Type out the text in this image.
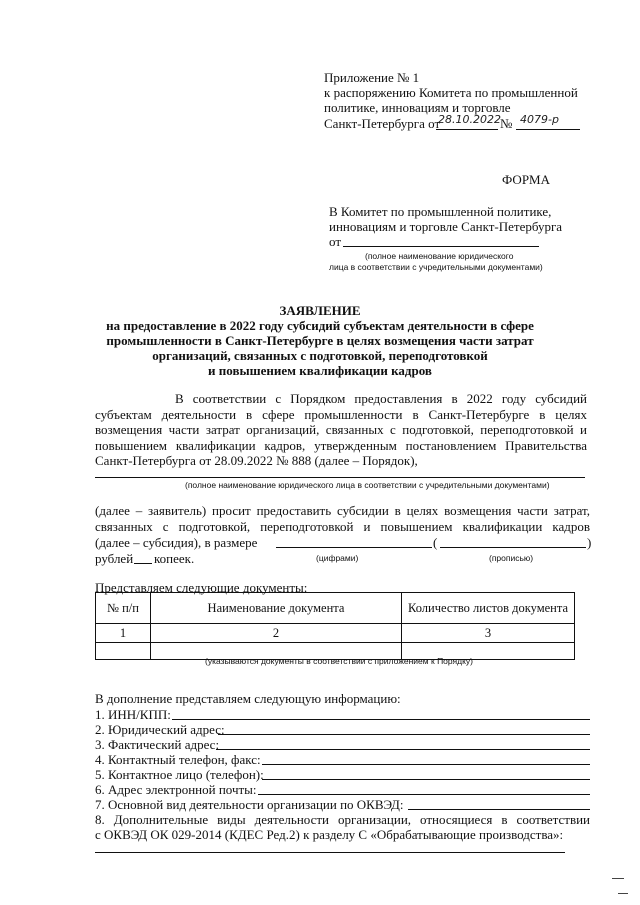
Приложение № 1
к распоряжению Комитета по промышленной
политике, инновациям и торговле
Санкт-Петербурга от
28.10.2022 № 4079-р
ФОРМА
В Комитет по промышленной политике,
инновациям и торговле Санкт-Петербурга
от
(полное наименование юридического
лица в соответствии с учредительными документами)
ЗАЯВЛЕНИЕ
на предоставление в 2022 году субсидий субъектам деятельности в сфере
промышленности в Санкт-Петербурге в целях возмещения части затрат
организаций, связанных с подготовкой, переподготовкой
и повышением квалификации кадров
В соответствии с Порядком предоставления в 2022 году субсидий субъектам деятельности в сфере промышленности в Санкт-Петербурге в целях возмещения части затрат организаций, связанных с подготовкой, переподготовкой и повышением квалификации кадров, утвержденным постановлением Правительства Санкт-Петербурга от 28.09.2022 № 888 (далее – Порядок),
(полное наименование юридического лица в соответствии с учредительными документами)
(далее – заявитель) просит предоставить субсидии в целях возмещения части затрат,
связанных с подготовкой, переподготовкой и повышением квалификации кадров
(далее – субсидия), в размере	(	)
рублей копеек.	(цифрами)	(прописью)
Представляем следующие документы:
№ п/п	Наименование документа	Количество листов документа
1	2	3

(указываются документы в соответствии с приложением к Порядку)
В дополнение представляем следующую информацию:
1. ИНН/КПП:
2. Юридический адрес:
3. Фактический адрес:
4. Контактный телефон, факс:
5. Контактное лицо (телефон):
6. Адрес электронной почты:
7. Основной вид деятельности организации по ОКВЭД:
8. Дополнительные виды деятельности организации, относящиеся в соответствии
с ОКВЭД ОК 029-2014 (КДЕС Ред.2) к разделу С «Обрабатывающие производства»:
